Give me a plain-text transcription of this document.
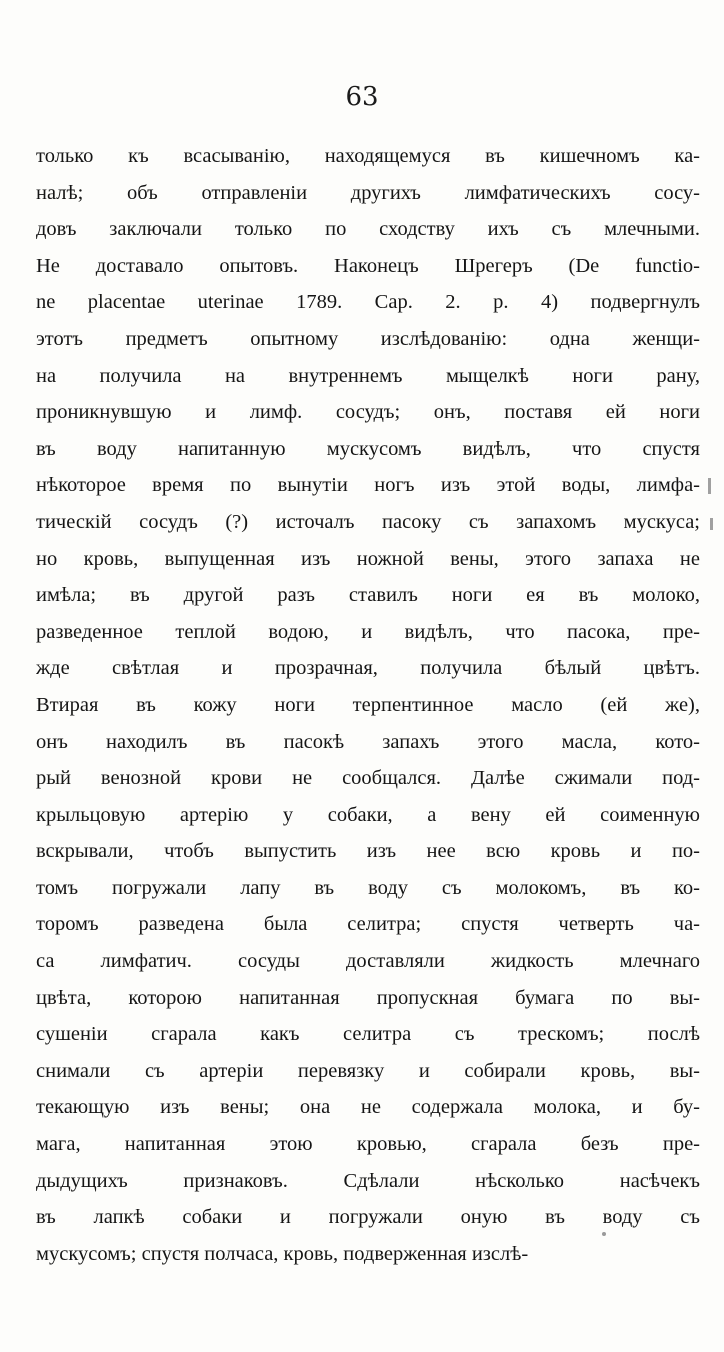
63
только къ всасыванію, находящемуся въ кишечномъ ка-
налѣ; объ отправленіи другихъ лимфатическихъ сосу-
довъ заключали только по сходству ихъ съ млечными.
Не доставало опытовъ. Наконецъ Шрегеръ (De functio-
ne placentae uterinae 1789. Cap. 2. p. 4) подвергнулъ
этотъ предметъ опытному изслѣдованію: одна женщи-
на получила на внутреннемъ мыщелкѣ ноги рану,
проникнувшую и лимф. сосудъ; онъ, поставя ей ноги
въ воду напитанную мускусомъ видѣлъ, что спустя
нѣкоторое время по вынутіи ногъ изъ этой воды, лимфа-
тическій сосудъ (?) источалъ пасоку съ запахомъ мускуса;
но кровь, выпущенная изъ ножной вены, этого запаха не
имѣла; въ другой разъ ставилъ ноги ея въ молоко,
разведенное теплой водою, и видѣлъ, что пасока, пре-
жде свѣтлая и прозрачная, получила бѣлый цвѣтъ.
Втирая въ кожу ноги терпентинное масло (ей же),
онъ находилъ въ пасокѣ запахъ этого масла, кото-
рый венозной крови не сообщался. Далѣе сжимали под-
крыльцовую артерію у собаки, а вену ей соименную
вскрывали, чтобъ выпустить изъ нее всю кровь и по-
томъ погружали лапу въ воду съ молокомъ, въ ко-
торомъ разведена была селитра; спустя четверть ча-
са лимфатич. сосуды доставляли жидкость млечнаго
цвѣта, которою напитанная пропускная бумага по вы-
сушеніи сгарала какъ селитра съ трескомъ; послѣ
снимали съ артеріи перевязку и собирали кровь, вы-
текающую изъ вены; она не содержала молока, и бу-
мага, напитанная этою кровью, сгарала безъ пре-
дыдущихъ признаковъ. Сдѣлали нѣсколько насѣчекъ
въ лапкѣ собаки и погружали оную въ воду съ
мускусомъ; спустя полчаса, кровь, подверженная изслѣ-
